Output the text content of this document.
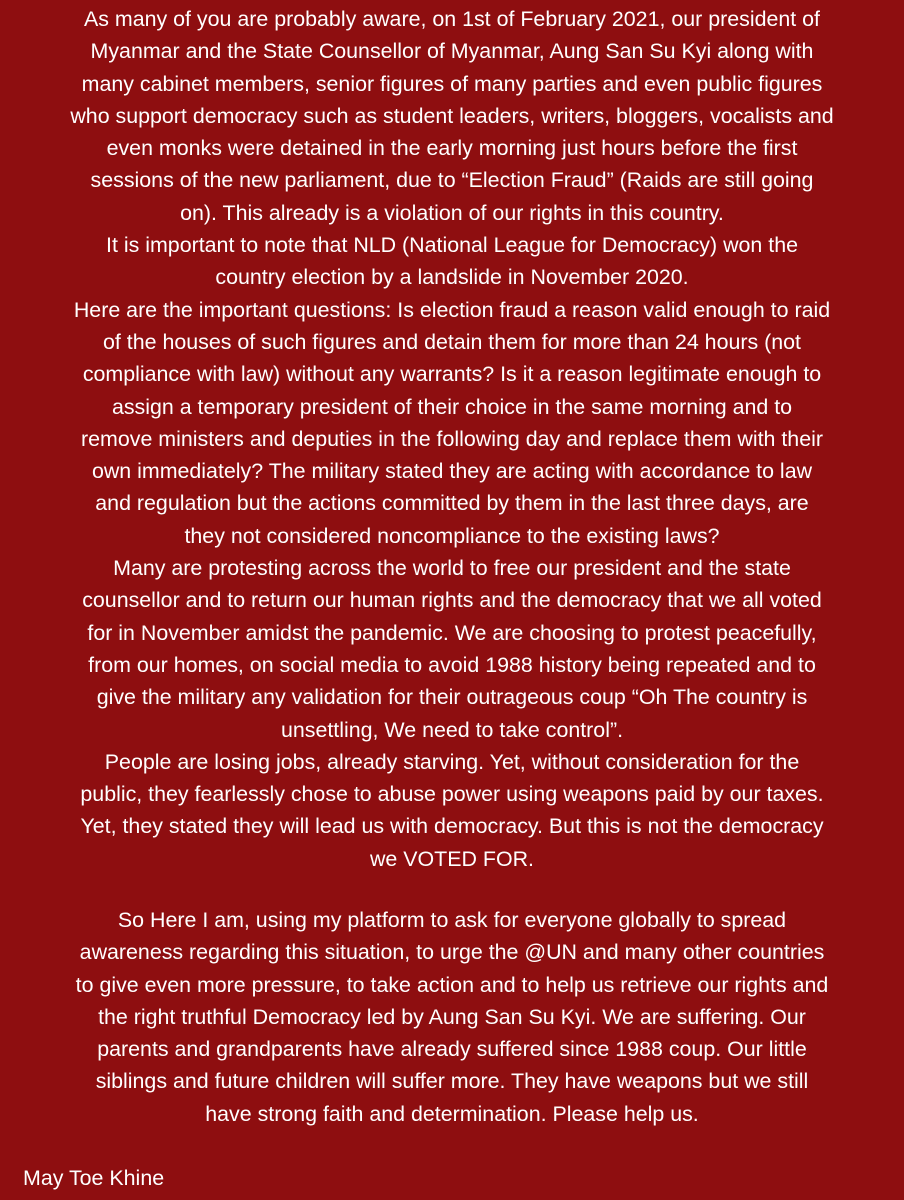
As many of you are probably aware, on 1st of February 2021, our president of
Myanmar and the State Counsellor of Myanmar, Aung San Su Kyi along with
many cabinet members, senior figures of many parties and even public figures
who support democracy such as student leaders, writers, bloggers, vocalists and
even monks were detained in the early morning just hours before the first
sessions of the new parliament, due to “Election Fraud” (Raids are still going
on). This already is a violation of our rights in this country.
It is important to note that NLD (National League for Democracy) won the
country election by a landslide in November 2020.
Here are the important questions: Is election fraud a reason valid enough to raid
of the houses of such figures and detain them for more than 24 hours (not
compliance with law) without any warrants? Is it a reason legitimate enough to
assign a temporary president of their choice in the same morning and to
remove ministers and deputies in the following day and replace them with their
own immediately? The military stated they are acting with accordance to law
and regulation but the actions committed by them in the last three days, are
they not considered noncompliance to the existing laws?
Many are protesting across the world to free our president and the state
counsellor and to return our human rights and the democracy that we all voted
for in November amidst the pandemic. We are choosing to protest peacefully,
from our homes, on social media to avoid 1988 history being repeated and to
give the military any validation for their outrageous coup “Oh The country is
unsettling, We need to take control”.
People are losing jobs, already starving. Yet, without consideration for the
public, they fearlessly chose to abuse power using weapons paid by our taxes.
Yet, they stated they will lead us with democracy. But this is not the democracy
we VOTED FOR.
So Here I am, using my platform to ask for everyone globally to spread
awareness regarding this situation, to urge the @UN and many other countries
to give even more pressure, to take action and to help us retrieve our rights and
the right truthful Democracy led by Aung San Su Kyi. We are suffering. Our
parents and grandparents have already suffered since 1988 coup. Our little
siblings and future children will suffer more. They have weapons but we still
have strong faith and determination. Please help us.
May Toe Khine
